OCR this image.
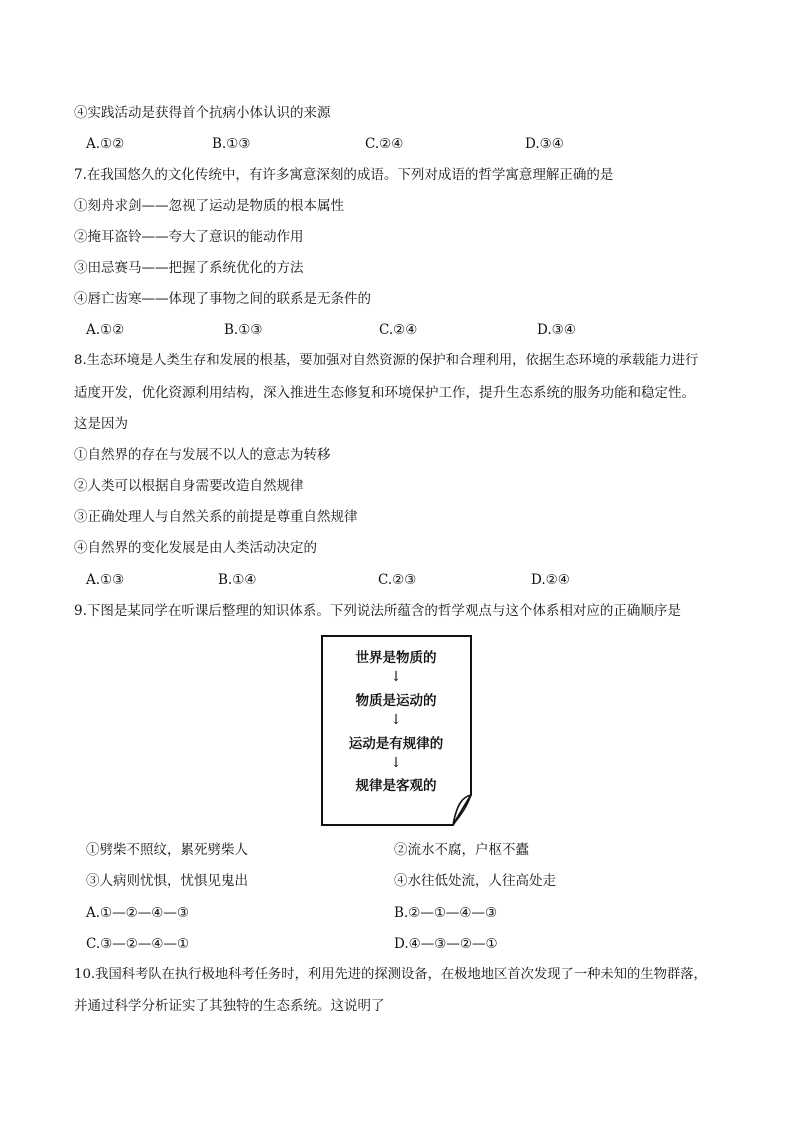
④实践活动是获得首个抗病小体认识的来源
A.①②	B.①③	C.②④	D.③④
7.在我国悠久的文化传统中，有许多寓意深刻的成语。下列对成语的哲学寓意理解正确的是
①刻舟求剑——忽视了运动是物质的根本属性
②掩耳盗铃——夸大了意识的能动作用
③田忌赛马——把握了系统优化的方法
④唇亡齿寒——体现了事物之间的联系是无条件的
A.①②	B.①③	C.②④	D.③④
8.生态环境是人类生存和发展的根基，要加强对自然资源的保护和合理利用，依据生态环境的承载能力进行
适度开发，优化资源利用结构，深入推进生态修复和环境保护工作，提升生态系统的服务功能和稳定性。
这是因为
①自然界的存在与发展不以人的意志为转移
②人类可以根据自身需要改造自然规律
③正确处理人与自然关系的前提是尊重自然规律
④自然界的变化发展是由人类活动决定的
A.①③	B.①④	C.②③	D.②④
9.下图是某同学在听课后整理的知识体系。下列说法所蕴含的哲学观点与这个体系相对应的正确顺序是
世界是物质的
↓
物质是运动的
↓
运动是有规律的
↓
规律是客观的
①劈柴不照纹，累死劈柴人	②流水不腐，户枢不蠹
③人病则忧惧，忧惧见鬼出	④水往低处流，人往高处走
A.①—②—④—③	B.②—①—④—③
C.③—②—④—①	D.④—③—②—①
10.我国科考队在执行极地科考任务时，利用先进的探测设备，在极地地区首次发现了一种未知的生物群落，
并通过科学分析证实了其独特的生态系统。这说明了
